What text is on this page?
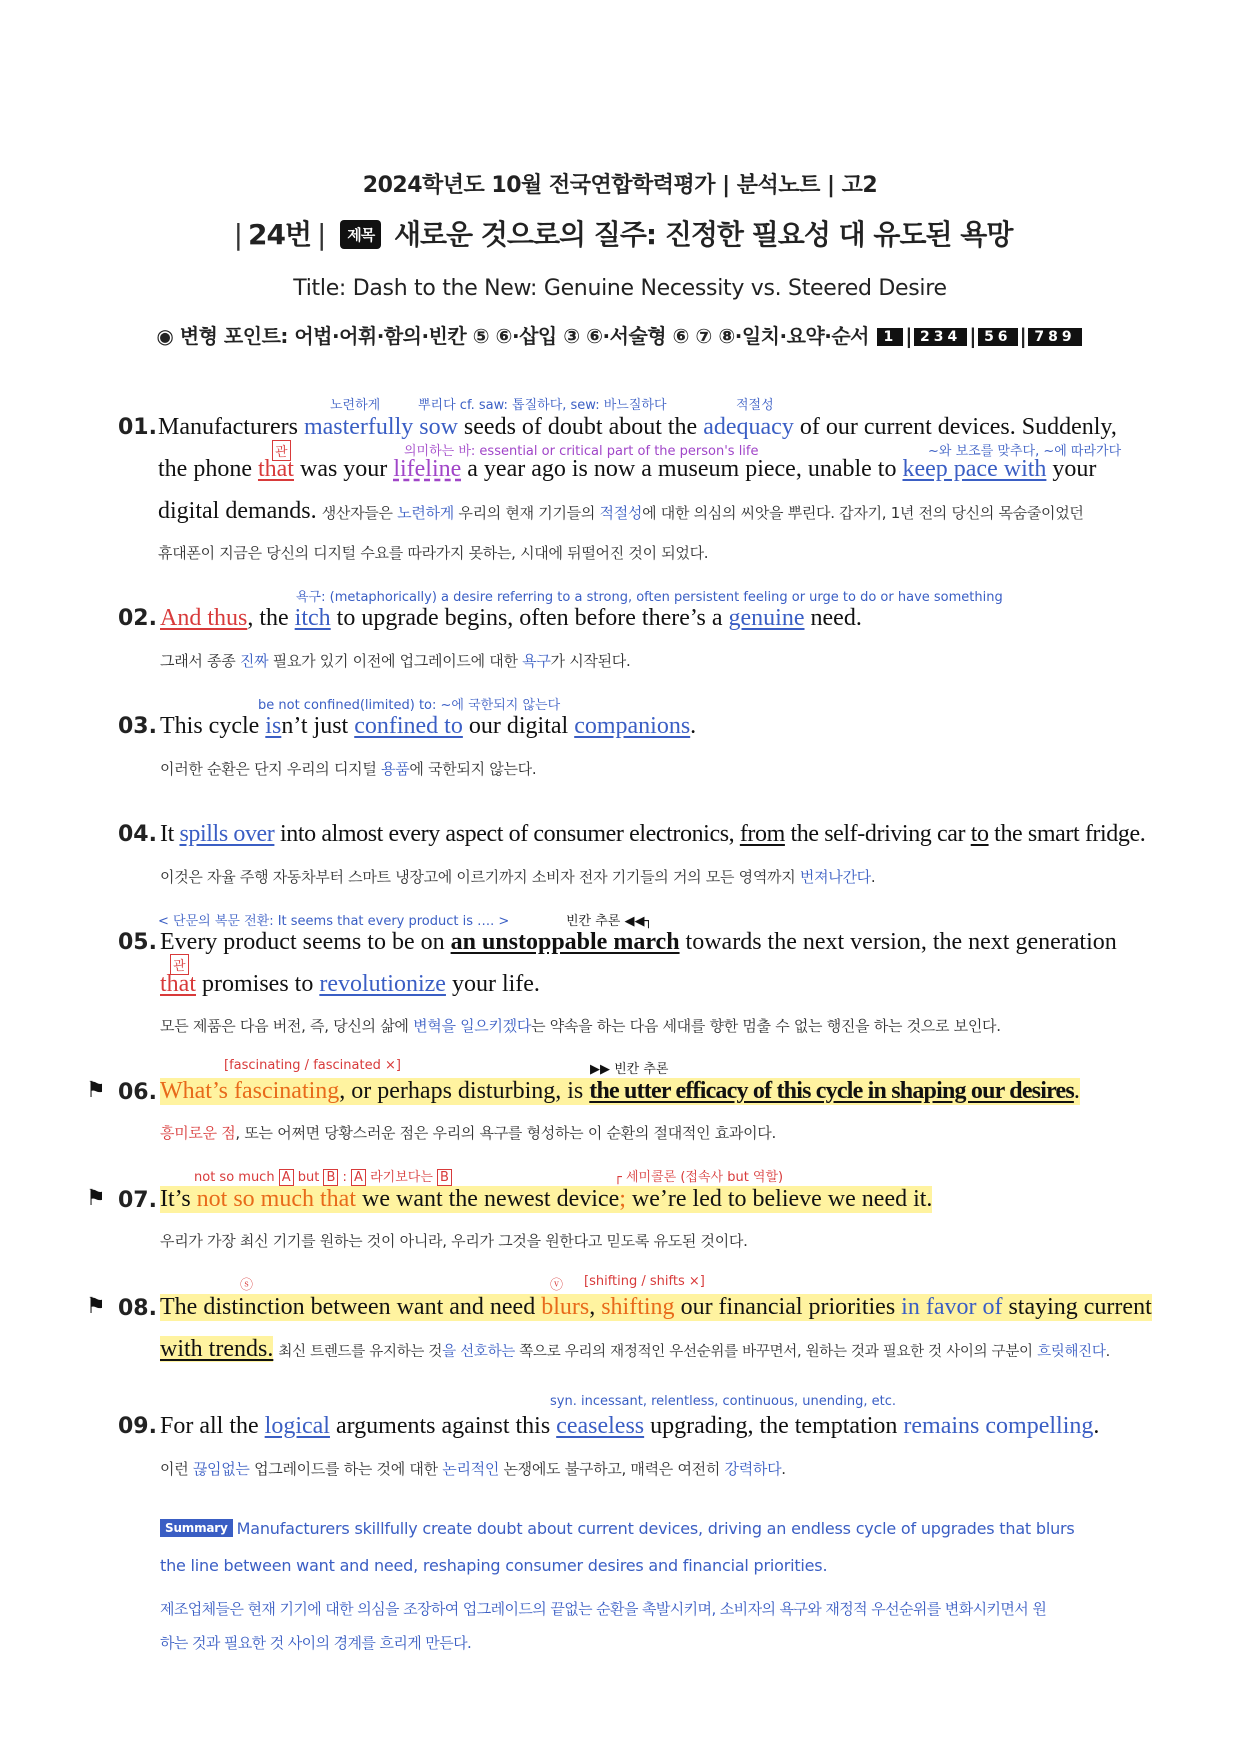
2024학년도 10월 전국연합학력평가 | 분석노트 | 고2
| 24번 | 제목 새로운 것으로의 질주: 진정한 필요성 대 유도된 욕망
Title: Dash to the New: Genuine Necessity vs. Steered Desire
◉ 변형 포인트: 어법·어휘·함의·빈칸 ⑤ ⑥·삽입 ③ ⑥·서술형 ⑥ ⑦ ⑧·일치·요약·순서 1 | 234 | 56 | 789
노련하게	뿌리다 cf. saw: 톱질하다, sew: 바느질하다	적절성
01. Manufacturers masterfully sow seeds of doubt about the adequacy of our current devices. Suddenly,
관	의미하는 바: essential or critical part of the person's life	~와 보조를 맞추다, ~에 따라가다
the phone that was your lifeline a year ago is now a museum piece, unable to keep pace with your
digital demands. 생산자들은 노련하게 우리의 현재 기기들의 적절성에 대한 의심의 씨앗을 뿌린다. 갑자기, 1년 전의 당신의 목숨줄이었던
휴대폰이 지금은 당신의 디지털 수요를 따라가지 못하는, 시대에 뒤떨어진 것이 되었다.
욕구: (metaphorically) a desire referring to a strong, often persistent feeling or urge to do or have something
02. And thus, the itch to upgrade begins, often before there’s a genuine need.
그래서 종종 진짜 필요가 있기 이전에 업그레이드에 대한 욕구가 시작된다.
be not confined(limited) to: ~에 국한되지 않는다
03. This cycle isn’t just confined to our digital companions.
이러한 순환은 단지 우리의 디지털 용품에 국한되지 않는다.
04. It spills over into almost every aspect of consumer electronics, from the self-driving car to the smart fridge.
이것은 자율 주행 자동차부터 스마트 냉장고에 이르기까지 소비자 전자 기기들의 거의 모든 영역까지 번져나간다.
< 단문의 복문 전환: It seems that every product is …. >	빈칸 추론 ◀◀┐
05. Every product seems to be on an unstoppable march towards the next version, the next generation
관
that promises to revolutionize your life.
모든 제품은 다음 버전, 즉, 당신의 삶에 변혁을 일으키겠다는 약속을 하는 다음 세대를 향한 멈출 수 없는 행진을 하는 것으로 보인다.
[fascinating / fascinated ×]	▶▶ 빈칸 추론
⚑ 06. What’s fascinating, or perhaps disturbing, is the utter efficacy of this cycle in shaping our desires.
흥미로운 점, 또는 어쩌면 당황스러운 점은 우리의 욕구를 형성하는 이 순환의 절대적인 효과이다.
not so much A but B : A 라기보다는 B	┌ 세미콜론 (접속사 but 역할)
⚑ 07. It’s not so much that we want the newest device; we’re led to believe we need it.
우리가 가장 최신 기기를 원하는 것이 아니라, 우리가 그것을 원한다고 믿도록 유도된 것이다.
ⓢ	ⓥ [shifting / shifts ×]
⚑ 08. The distinction between want and need blurs, shifting our financial priorities in favor of staying current
with trends. 최신 트렌드를 유지하는 것을 선호하는 쪽으로 우리의 재정적인 우선순위를 바꾸면서, 원하는 것과 필요한 것 사이의 구분이 흐릿해진다.
syn. incessant, relentless, continuous, unending, etc.
09. For all the logical arguments against this ceaseless upgrading, the temptation remains compelling.
이런 끊임없는 업그레이드를 하는 것에 대한 논리적인 논쟁에도 불구하고, 매력은 여전히 강력하다.
Summary Manufacturers skillfully create doubt about current devices, driving an endless cycle of upgrades that blurs
the line between want and need, reshaping consumer desires and financial priorities.
제조업체들은 현재 기기에 대한 의심을 조장하여 업그레이드의 끝없는 순환을 촉발시키며, 소비자의 욕구와 재정적 우선순위를 변화시키면서 원
하는 것과 필요한 것 사이의 경계를 흐리게 만든다.
